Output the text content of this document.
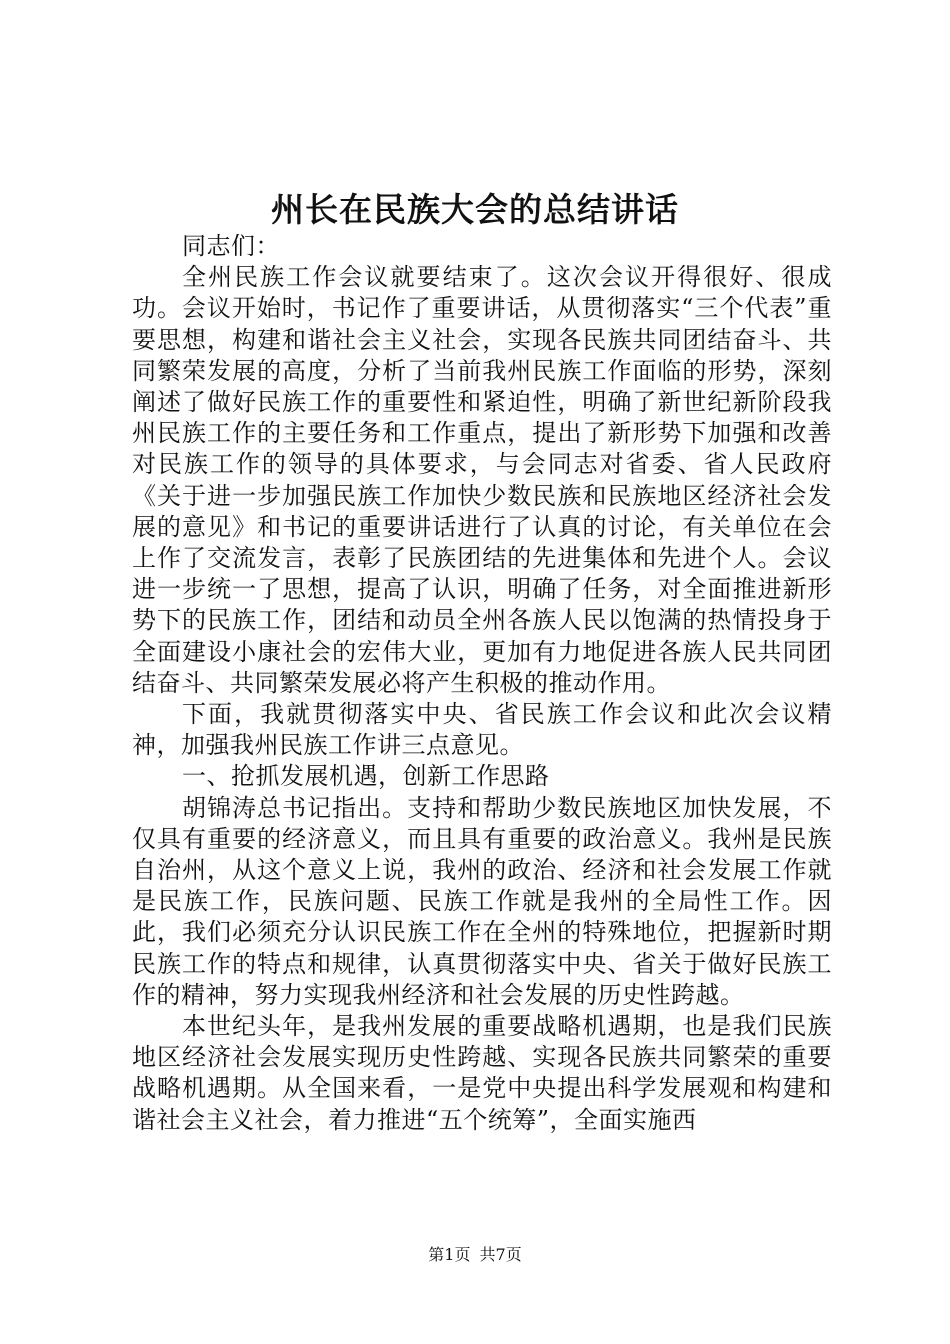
州长在民族大会的总结讲话

同志们：

全州民族工作会议就要结束了。这次会议开得很好、很成功。会议开始时，书记作了重要讲话，从贯彻落实“三个代表”重要思想，构建和谐社会主义社会，实现各民族共同团结奋斗、共同繁荣发展的高度，分析了当前我州民族工作面临的形势，深刻阐述了做好民族工作的重要性和紧迫性，明确了新世纪新阶段我州民族工作的主要任务和工作重点，提出了新形势下加强和改善对民族工作的领导的具体要求，与会同志对省委、省人民政府《关于进一步加强民族工作加快少数民族和民族地区经济社会发展的意见》和书记的重要讲话进行了认真的讨论，有关单位在会上作了交流发言，表彰了民族团结的先进集体和先进个人。会议进一步统一了思想，提高了认识，明确了任务，对全面推进新形势下的民族工作，团结和动员全州各族人民以饱满的热情投身于全面建设小康社会的宏伟大业，更加有力地促进各族人民共同团结奋斗、共同繁荣发展必将产生积极的推动作用。

下面，我就贯彻落实中央、省民族工作会议和此次会议精神，加强我州民族工作讲三点意见。

一、抢抓发展机遇，创新工作思路

胡锦涛总书记指出。支持和帮助少数民族地区加快发展，不仅具有重要的经济意义，而且具有重要的政治意义。我州是民族自治州，从这个意义上说，我州的政治、经济和社会发展工作就是民族工作，民族问题、民族工作就是我州的全局性工作。因此，我们必须充分认识民族工作在全州的特殊地位，把握新时期民族工作的特点和规律，认真贯彻落实中央、省关于做好民族工作的精神，努力实现我州经济和社会发展的历史性跨越。

本世纪头年，是我州发展的重要战略机遇期，也是我们民族地区经济社会发展实现历史性跨越、实现各民族共同繁荣的重要战略机遇期。从全国来看，一是党中央提出科学发展观和构建和谐社会主义社会，着力推进“五个统筹”，全面实施西

第1页 共7页
